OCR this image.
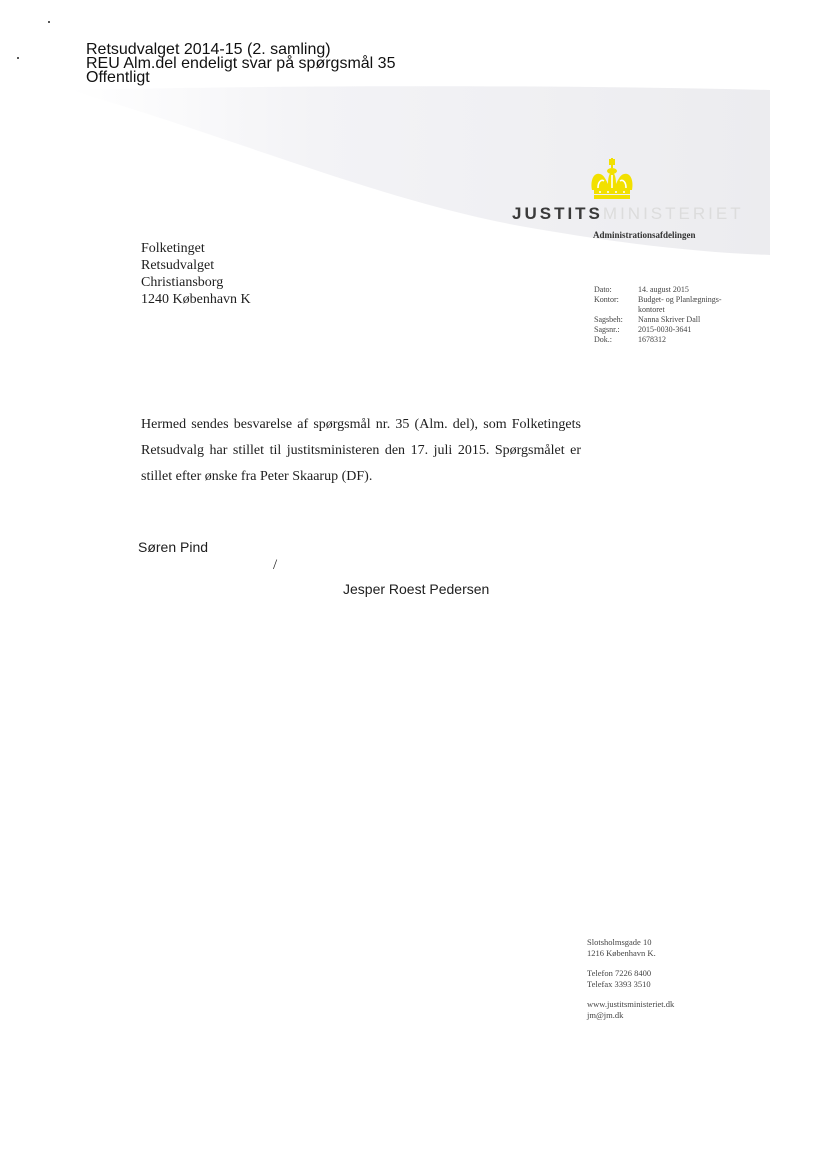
Retsudvalget 2014-15 (2. samling)
REU Alm.del endeligt svar på spørgsmål 35
Offentligt
JUSTITSMINISTERIET
Administrationsafdelingen
Folketinget
Retsudvalget
Christiansborg
1240 København K
Dato:	14. august 2015
Kontor:	Budget- og Planlægnings-
kontoret
Sagsbeh:	Nanna Skriver Dall
Sagsnr.:	2015-0030-3641
Dok.:	1678312
Hermed sendes besvarelse af spørgsmål nr. 35 (Alm. del), som Folketingets Retsudvalg har stillet til justitsministeren den 17. juli 2015. Spørgsmålet er stillet efter ønske fra Peter Skaarup (DF).
Søren Pind
/
Jesper Roest Pedersen
Slotsholmsgade 10
1216 København K.
Telefon 7226 8400
Telefax 3393 3510
www.justitsministeriet.dk
jm@jm.dk
